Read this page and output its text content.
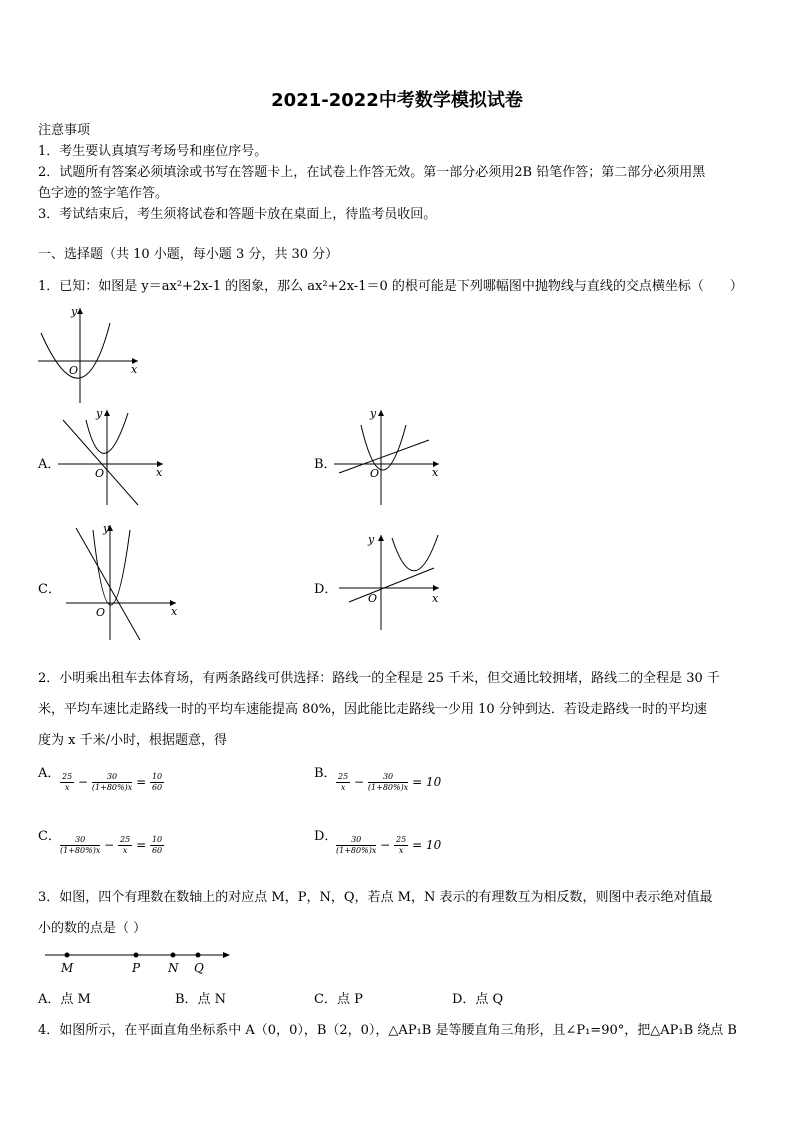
2021-2022中考数学模拟试卷
注意事项
1．考生要认真填写考场号和座位序号。
2．试题所有答案必须填涂或书写在答题卡上，在试卷上作答无效。第一部分必须用2B 铅笔作答；第二部分必须用黑
色字迹的签字笔作答。
3．考试结束后，考生须将试卷和答题卡放在桌面上，待监考员收回。
一、选择题（共 10 小题，每小题 3 分，共 30 分）
1．已知：如图是 y＝ax²+2x-1 的图象，那么 ax²+2x-1＝0 的根可能是下列哪幅图中抛物线与直线的交点横坐标（　　）
x
y
O
A．
x
y
O
B．
x
y
O
C．
x
y
O
D．
x
y
O
2．小明乘出租车去体育场，有两条路线可供选择：路线一的全程是 25 千米，但交通比较拥堵，路线二的全程是 30 千
米，平均车速比走路线一时的平均车速能提高 80%，因此能比走路线一少用 10 分钟到达．若设走路线一时的平均速
度为 x 千米/小时，根据题意，得
A． $\frac{25}{\text{𝑥}} - \frac{30}{\text{(1+80\%)𝑥}} = \frac{10}{60}$	B． $\frac{25}{\text{𝑥}} - \frac{30}{\text{(1+80\%)𝑥}} = 10$
C． $\frac{30}{\text{(1+80\%)𝑥}} - \frac{25}{\text{𝑥}} = \frac{10}{60}$	D．
$\frac{30}{\text{(1+80\%)𝑥}} - \frac{25}{\text{𝑥}} = 10$
3．如图，四个有理数在数轴上的对应点 M，P，N，Q，若点 M，N 表示的有理数互为相反数，则图中表示绝对值最
小的数的点是（ ）
M	P N Q
A．点 M	B．点 N	C．点 P	D．点 Q
4．如图所示，在平面直角坐标系中 A（0，0），B（2，0），△AP₁B 是等腰直角三角形，且∠P₁=90°，把△AP₁B 绕点 B
